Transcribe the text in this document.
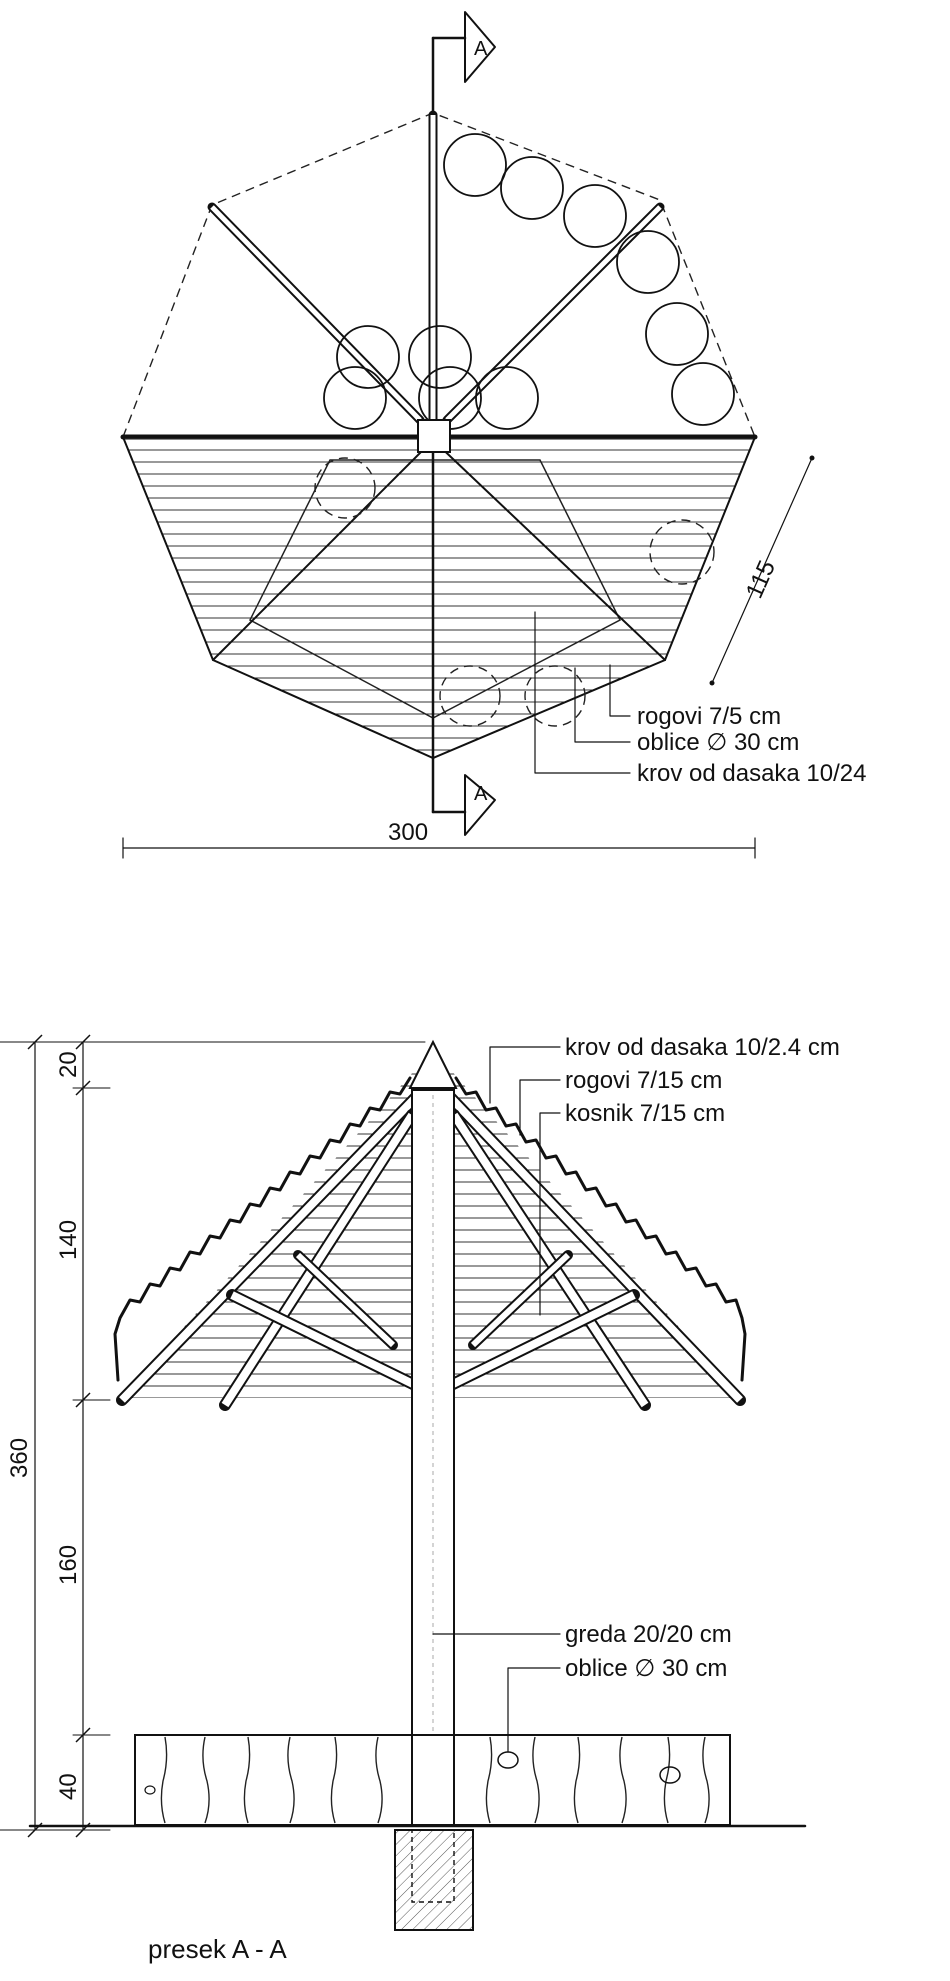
A
A
rogovi 7/5 cm
oblice ∅ 30 cm
krov od dasaka 10/24
300
115
krov od dasaka 10/2.4 cm
rogovi 7/15 cm
kosnik 7/15 cm
greda 20/20 cm
oblice ∅ 30 cm
360
20
140
160
40
presek A - A
